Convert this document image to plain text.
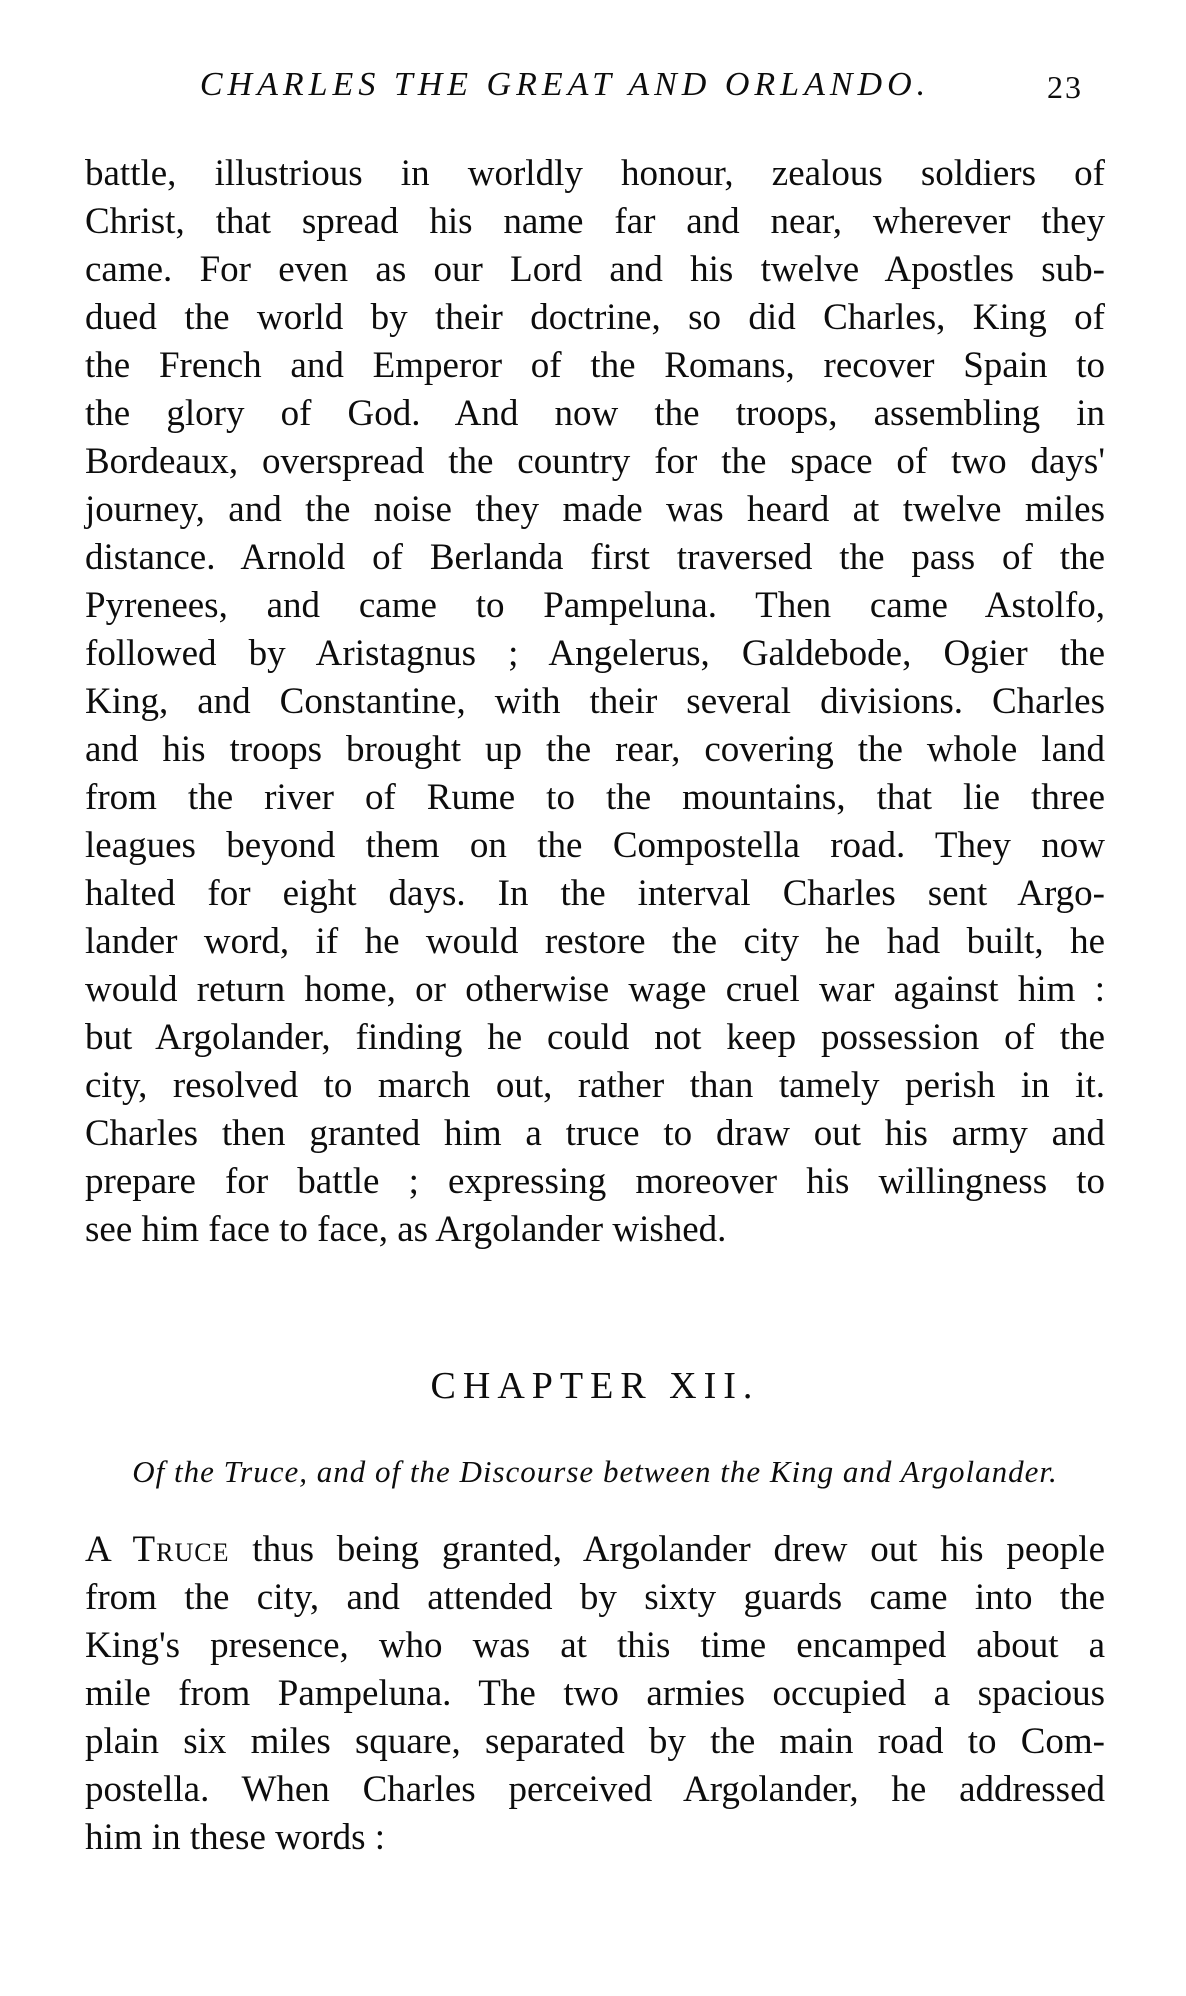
CHARLES THE GREAT AND ORLANDO.	23
battle, illustrious in worldly honour, zealous soldiers of
Christ, that spread his name far and near, wherever they
came. For even as our Lord and his twelve Apostles sub-
dued the world by their doctrine, so did Charles, King of
the French and Emperor of the Romans, recover Spain to
the glory of God. And now the troops, assembling in
Bordeaux, overspread the country for the space of two days'
journey, and the noise they made was heard at twelve miles
distance. Arnold of Berlanda first traversed the pass of the
Pyrenees, and came to Pampeluna. Then came Astolfo,
followed by Aristagnus ; Angelerus, Galdebode, Ogier the
King, and Constantine, with their several divisions. Charles
and his troops brought up the rear, covering the whole land
from the river of Rume to the mountains, that lie three
leagues beyond them on the Compostella road. They now
halted for eight days. In the interval Charles sent Argo-
lander word, if he would restore the city he had built, he
would return home, or otherwise wage cruel war against him :
but Argolander, finding he could not keep possession of the
city, resolved to march out, rather than tamely perish in it.
Charles then granted him a truce to draw out his army and
prepare for battle ; expressing moreover his willingness to
see him face to face, as Argolander wished.
CHAPTER XII.
Of the Truce, and of the Discourse between the King and Argolander.
A Truce thus being granted, Argolander drew out his people
from the city, and attended by sixty guards came into the
King's presence, who was at this time encamped about a
mile from Pampeluna. The two armies occupied a spacious
plain six miles square, separated by the main road to Com-
postella. When Charles perceived Argolander, he addressed
him in these words :
